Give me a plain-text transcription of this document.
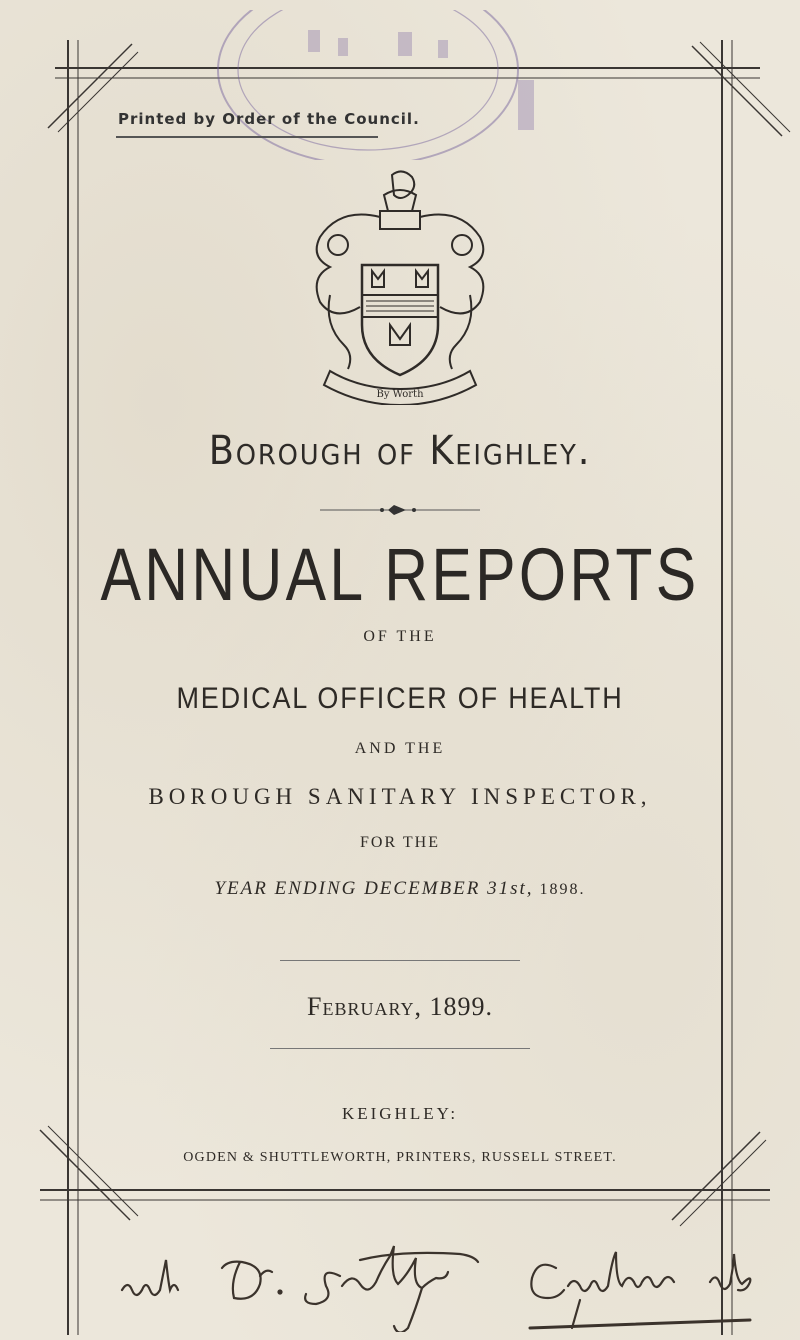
Printed by Order of the Council.
By Worth
Borough of Keighley.
ANNUAL REPORTS
OF THE
MEDICAL OFFICER OF HEALTH
AND THE
BOROUGH SANITARY INSPECTOR,
FOR THE
YEAR ENDING DECEMBER 31st, 1898.
February, 1899.
KEIGHLEY:
OGDEN & SHUTTLEWORTH, PRINTERS, RUSSELL STREET.
